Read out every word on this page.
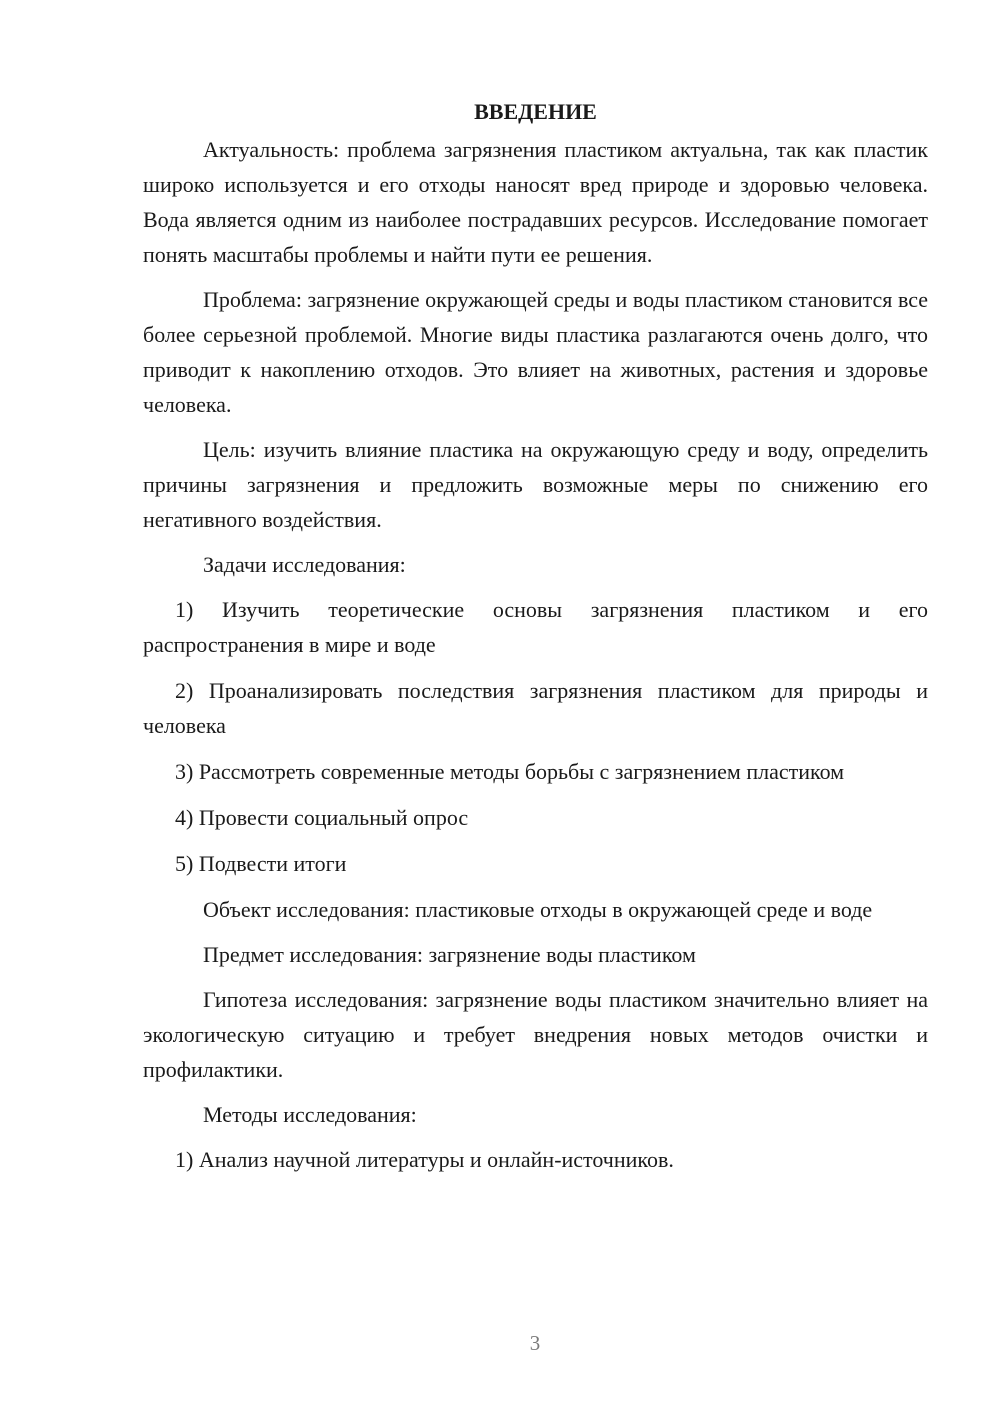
ВВЕДЕНИЕ

Актуальность: проблема загрязнения пластиком актуальна, так как пластик широко используется и его отходы наносят вред природе и здоровью человека. Вода является одним из наиболее пострадавших ресурсов. Исследование помогает понять масштабы проблемы и найти пути ее решения.

Проблема: загрязнение окружающей среды и воды пластиком становится все более серьезной проблемой. Многие виды пластика разлагаются очень долго, что приводит к накоплению отходов. Это влияет на животных, растения и здоровье человека.

Цель: изучить влияние пластика на окружающую среду и воду, определить причины загрязнения и предложить возможные меры по снижению его негативного воздействия.

Задачи исследования:

1) Изучить теоретические основы загрязнения пластиком и его распространения в мире и воде

2) Проанализировать последствия загрязнения пластиком для природы и человека

3) Рассмотреть современные методы борьбы с загрязнением пластиком

4) Провести социальный опрос

5) Подвести итоги

Объект исследования: пластиковые отходы в окружающей среде и воде

Предмет исследования: загрязнение воды пластиком

Гипотеза исследования: загрязнение воды пластиком значительно влияет на экологическую ситуацию и требует внедрения новых методов очистки и профилактики.

Методы исследования:

1) Анализ научной литературы и онлайн-источников.

3
